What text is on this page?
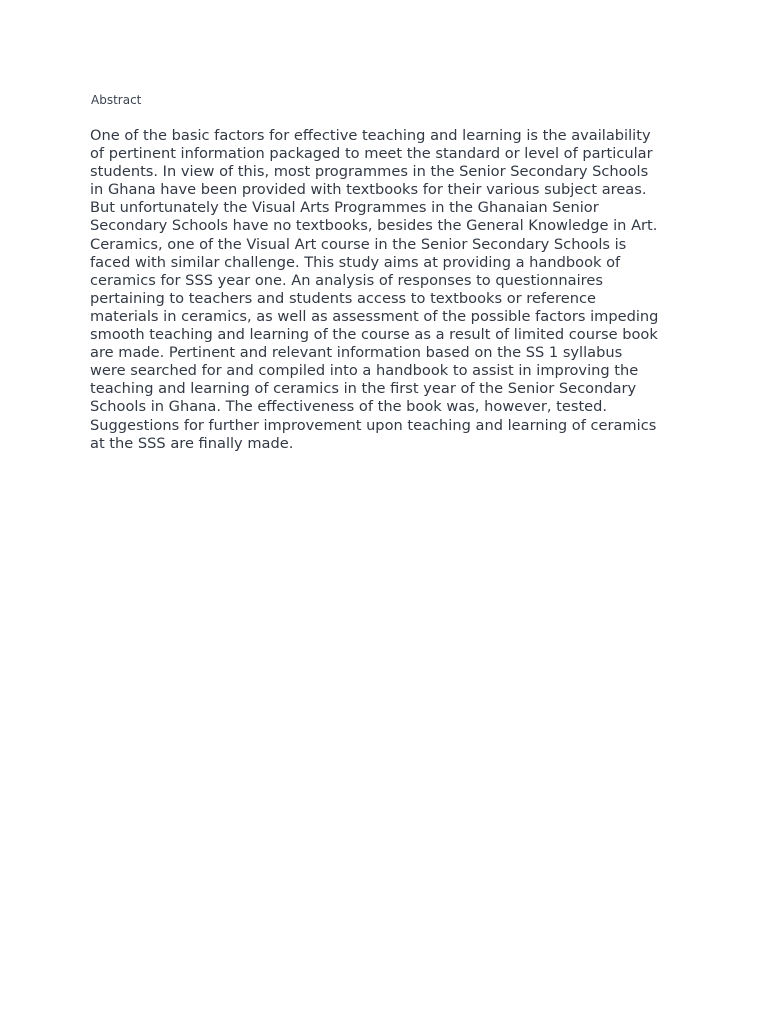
Abstract
One of the basic factors for effective teaching and learning is the availability
of pertinent information packaged to meet the standard or level of particular
students. In view of this, most programmes in the Senior Secondary Schools
in Ghana have been provided with textbooks for their various subject areas.
But unfortunately the Visual Arts Programmes in the Ghanaian Senior
Secondary Schools have no textbooks, besides the General Knowledge in Art.
Ceramics, one of the Visual Art course in the Senior Secondary Schools is
faced with similar challenge. This study aims at providing a handbook of
ceramics for SSS year one. An analysis of responses to questionnaires
pertaining to teachers and students access to textbooks or reference
materials in ceramics, as well as assessment of the possible factors impeding
smooth teaching and learning of the course as a result of limited course book
are made. Pertinent and relevant information based on the SS 1 syllabus
were searched for and compiled into a handbook to assist in improving the
teaching and learning of ceramics in the first year of the Senior Secondary
Schools in Ghana. The effectiveness of the book was, however, tested.
Suggestions for further improvement upon teaching and learning of ceramics
at the SSS are finally made.
